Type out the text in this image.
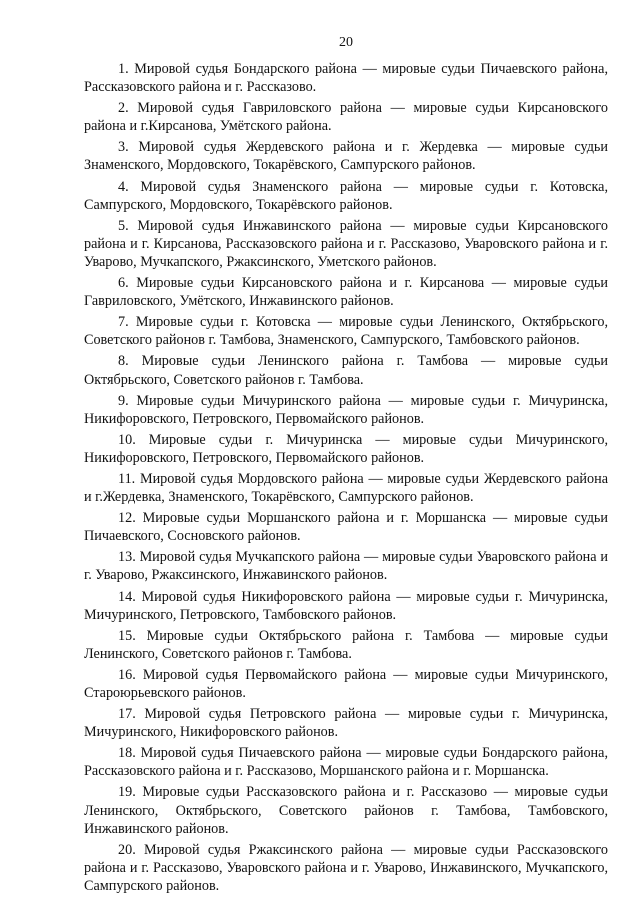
20
1. Мировой судья Бондарского района — мировые судьи Пичаевского района, Рассказовского района и г. Рассказово.
2. Мировой судья Гавриловского района — мировые судьи Кирсановского района и г.Кирсанова, Умётского района.
3. Мировой судья Жердевского района и г. Жердевка — мировые судьи Знаменского, Мордовского, Токарёвского, Сампурского районов.
4. Мировой судья Знаменского района — мировые судьи г. Котовска, Сампурского, Мордовского, Токарёвского районов.
5. Мировой судья Инжавинского района — мировые судьи Кирсановского района и г. Кирсанова, Рассказовского района и г. Рассказово, Уваровского района и г. Уварово, Мучкапского, Ржаксинского, Уметского районов.
6. Мировые судьи Кирсановского района и г. Кирсанова — мировые судьи Гавриловского, Умётского, Инжавинского районов.
7. Мировые судьи г. Котовска — мировые судьи Ленинского, Октябрьского, Советского районов г. Тамбова, Знаменского, Сампурского, Тамбовского районов.
8. Мировые судьи Ленинского района г. Тамбова — мировые судьи Октябрьского, Советского районов г. Тамбова.
9. Мировые судьи Мичуринского района — мировые судьи г. Мичуринска, Никифоровского, Петровского, Первомайского районов.
10. Мировые судьи г. Мичуринска — мировые судьи Мичуринского, Никифоровского, Петровского, Первомайского районов.
11. Мировой судья Мордовского района — мировые судьи Жердевского района и г.Жердевка, Знаменского, Токарёвского, Сампурского районов.
12. Мировые судьи Моршанского района и г. Моршанска — мировые судьи Пичаевского, Сосновского районов.
13. Мировой судья Мучкапского района — мировые судьи Уваровского района и г. Уварово, Ржаксинского, Инжавинского районов.
14. Мировой судья Никифоровского района — мировые судьи г. Мичуринска, Мичуринского, Петровского, Тамбовского районов.
15. Мировые судьи Октябрьского района г. Тамбова — мировые судьи Ленинского, Советского районов г. Тамбова.
16. Мировой судья Первомайского района — мировые судьи Мичуринского, Староюрьевского районов.
17. Мировой судья Петровского района — мировые судьи г. Мичуринска, Мичуринского, Никифоровского районов.
18. Мировой судья Пичаевского района — мировые судьи Бондарского района, Рассказовского района и г. Рассказово, Моршанского района и г. Моршанска.
19. Мировые судьи Рассказовского района и г. Рассказово — мировые судьи Ленинского, Октябрьского, Советского районов г. Тамбова, Тамбовского, Инжавинского районов.
20. Мировой судья Ржаксинского района — мировые судьи Рассказовского района и г. Рассказово, Уваровского района и г. Уварово, Инжавинского, Мучкапского, Сампурского районов.
